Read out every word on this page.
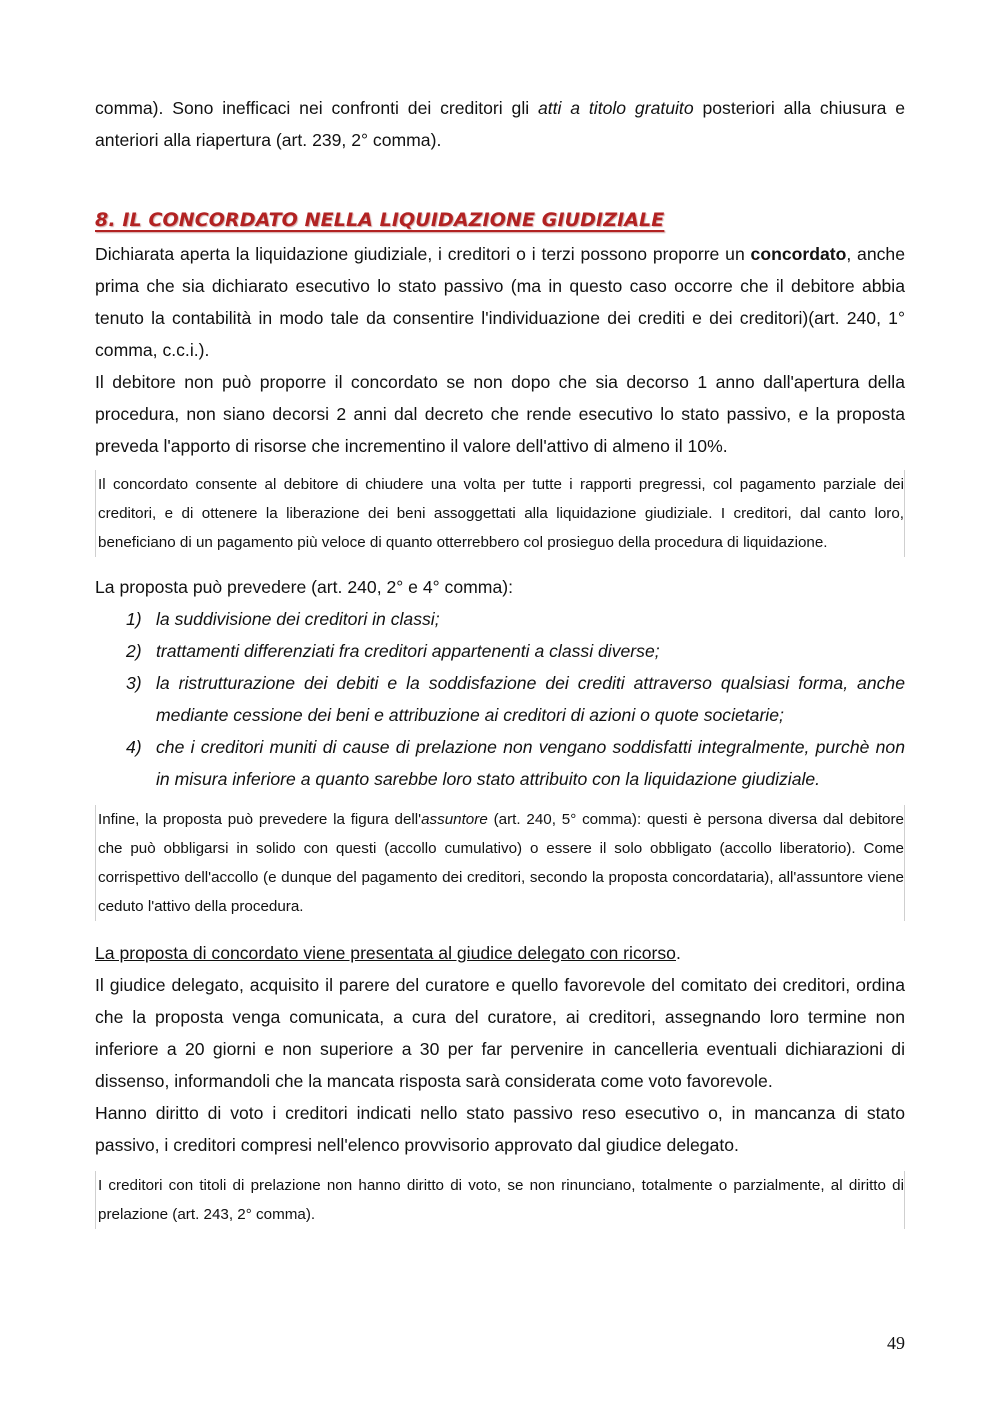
comma). Sono inefficaci nei confronti dei creditori gli atti a titolo gratuito posteriori alla chiusura e anteriori alla riapertura (art. 239, 2° comma).

8. IL CONCORDATO NELLA LIQUIDAZIONE GIUDIZIALE

Dichiarata aperta la liquidazione giudiziale, i creditori o i terzi possono proporre un concordato, anche prima che sia dichiarato esecutivo lo stato passivo (ma in questo caso occorre che il debitore abbia tenuto la contabilità in modo tale da consentire l'individuazione dei crediti e dei creditori)(art. 240, 1° comma, c.c.i.).

Il debitore non può proporre il concordato se non dopo che sia decorso 1 anno dall'apertura della procedura, non siano decorsi 2 anni dal decreto che rende esecutivo lo stato passivo, e la proposta preveda l'apporto di risorse che incrementino il valore dell'attivo di almeno il 10%.

Il concordato consente al debitore di chiudere una volta per tutte i rapporti pregressi, col pagamento parziale dei creditori, e di ottenere la liberazione dei beni assoggettati alla liquidazione giudiziale. I creditori, dal canto loro, beneficiano di un pagamento più veloce di quanto otterrebbero col prosieguo della procedura di liquidazione.

La proposta può prevedere (art. 240, 2° e 4° comma):

1) la suddivisione dei creditori in classi;
2) trattamenti differenziati fra creditori appartenenti a classi diverse;
3) la ristrutturazione dei debiti e la soddisfazione dei crediti attraverso qualsiasi forma, anche mediante cessione dei beni e attribuzione ai creditori di azioni o quote societarie;
4) che i creditori muniti di cause di prelazione non vengano soddisfatti integralmente, purchè non in misura inferiore a quanto sarebbe loro stato attribuito con la liquidazione giudiziale.

Infine, la proposta può prevedere la figura dell'assuntore (art. 240, 5° comma): questi è persona diversa dal debitore che può obbligarsi in solido con questi (accollo cumulativo) o essere il solo obbligato (accollo liberatorio). Come corrispettivo dell'accollo (e dunque del pagamento dei creditori, secondo la proposta concordataria), all'assuntore viene ceduto l'attivo della procedura.

La proposta di concordato viene presentata al giudice delegato con ricorso.

Il giudice delegato, acquisito il parere del curatore e quello favorevole del comitato dei creditori, ordina che la proposta venga comunicata, a cura del curatore, ai creditori, assegnando loro termine non inferiore a 20 giorni e non superiore a 30 per far pervenire in cancelleria eventuali dichiarazioni di dissenso, informandoli che la mancata risposta sarà considerata come voto favorevole.

Hanno diritto di voto i creditori indicati nello stato passivo reso esecutivo o, in mancanza di stato passivo, i creditori compresi nell'elenco provvisorio approvato dal giudice delegato.

I creditori con titoli di prelazione non hanno diritto di voto, se non rinunciano, totalmente o parzialmente, al diritto di prelazione (art. 243, 2° comma).

49
